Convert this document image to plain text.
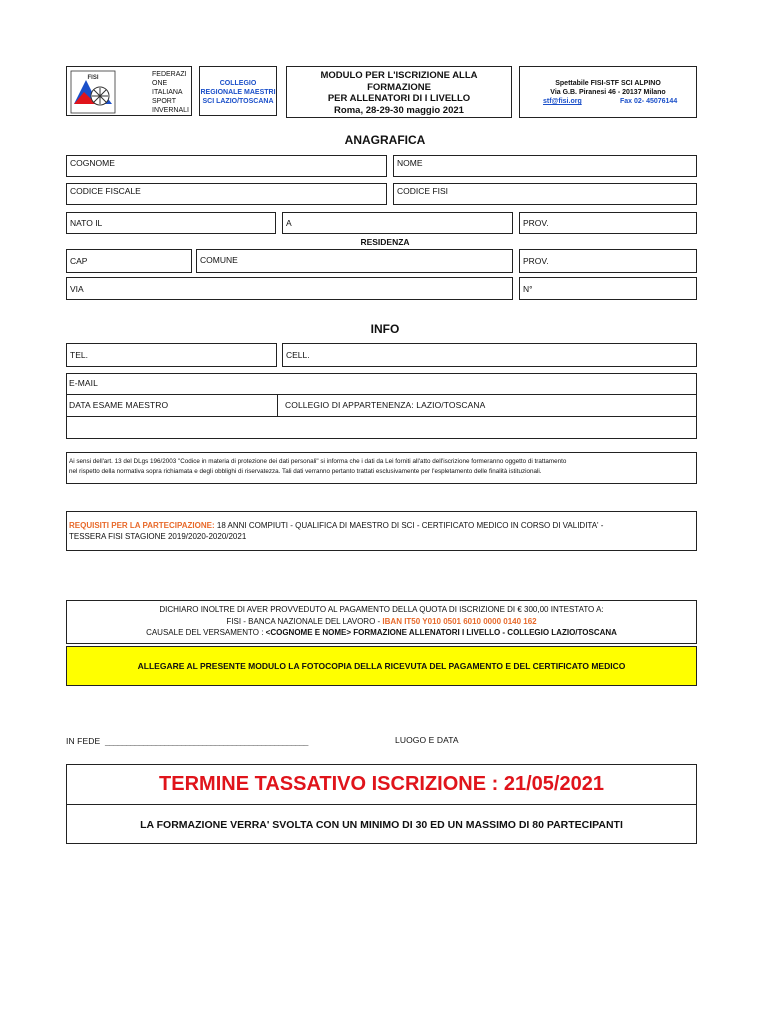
FISI	FEDERAZI
ONE
ITALIANA
SPORT
INVERNALI
COLLEGIO
REGIONALE MAESTRI
SCI LAZIO/TOSCANA
MODULO PER L'ISCRIZIONE ALLA
FORMAZIONE
PER ALLENATORI DI I LIVELLO
Roma, 28-29-30 maggio 2021
Spettabile FISI-STF SCI ALPINO
Via G.B. Piranesi 46 - 20137 Milano
stf@fisi.org	Fax 02- 45076144
ANAGRAFICA
COGNOME	NOME
CODICE FISCALE	CODICE FISI
NATO IL	A	PROV.
RESIDENZA
CAP	COMUNE	PROV.
VIA	N°
INFO
TEL.	CELL.
E-MAIL
DATA ESAME MAESTRO	COLLEGIO DI APPARTENENZA: LAZIO/TOSCANA
Ai sensi dell'art. 13 del DLgs 196/2003 "Codice in materia di protezione dei dati personali" si informa che i dati da Lei forniti all'atto dell'iscrizione formeranno oggetto di trattamento
nel rispetto della normativa sopra richiamata e degli obblighi di riservatezza. Tali dati verranno pertanto trattati esclusivamente per l'espletamento delle finalità istituzionali.
REQUISITI PER LA PARTECIPAZIONE: 18 ANNI COMPIUTI - QUALIFICA DI MAESTRO DI SCI - CERTIFICATO MEDICO IN CORSO DI VALIDITA' -
TESSERA FISI STAGIONE 2019/2020-2020/2021
DICHIARO INOLTRE DI AVER PROVVEDUTO AL PAGAMENTO DELLA QUOTA DI ISCRIZIONE DI € 300,00 INTESTATO A:
FISI - BANCA NAZIONALE DEL LAVORO - IBAN IT50 Y010 0501 6010 0000 0140 162
CAUSALE DEL VERSAMENTO : <COGNOME E NOME> FORMAZIONE ALLENATORI I LIVELLO - COLLEGIO LAZIO/TOSCANA
ALLEGARE AL PRESENTE MODULO LA FOTOCOPIA DELLA RICEVUTA DEL PAGAMENTO E DEL CERTIFICATO MEDICO
IN FEDE ________________________________________________	LUOGO E DATA
TERMINE TASSATIVO ISCRIZIONE : 21/05/2021
LA FORMAZIONE VERRA' SVOLTA CON UN MINIMO DI 30 ED UN MASSIMO DI 80 PARTECIPANTI
